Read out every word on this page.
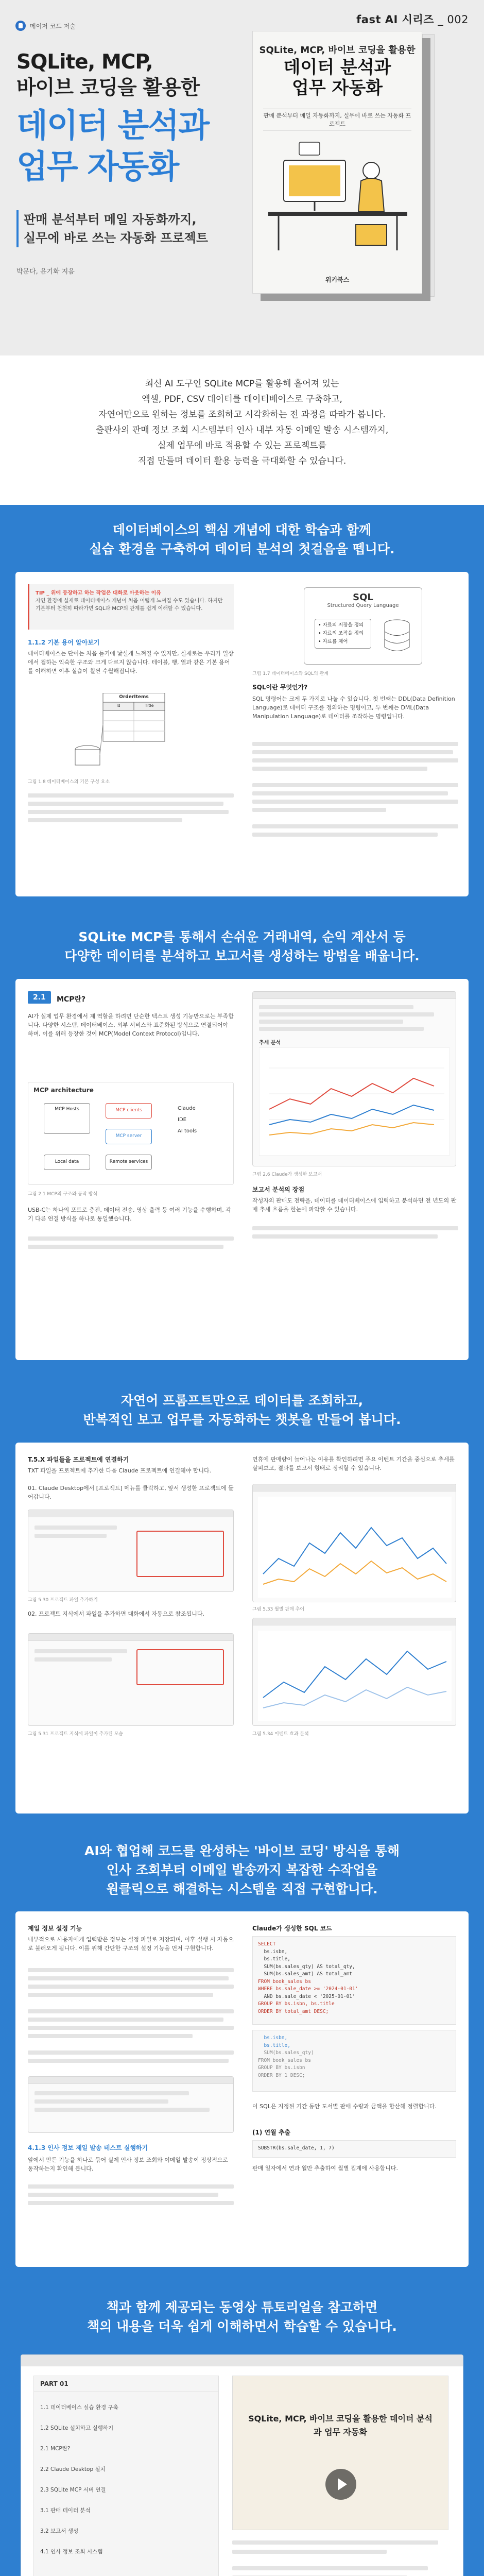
fast AI 시리즈 _ 002
메이저 코드 저술
SQLite, MCP,
바이브 코딩을 활용한
데이터 분석과
업무 자동화
판매 분석부터 메일 자동화까지,
실무에 바로 쓰는 자동화 프로젝트
박문다, 윤기화 지음
SQLite, MCP, 바이브 코딩을 활용한
데이터 분석과
업무 자동화
판매 분석부터 메일 자동화까지, 실무에 바로 쓰는 자동화 프로젝트
위키북스

최신 AI 도구인 SQLite MCP를 활용해 흩어져 있는

엑셀, PDF, CSV 데이터를 데이터베이스로 구축하고,

자연어만으로 원하는 정보를 조회하고 시각화하는 전 과정을 따라가 봅니다.

출판사의 판매 정보 조회 시스템부터 인사 내부 자동 이메일 발송 시스템까지,

실제 업무에 바로 적용할 수 있는 프로젝트를

직접 만들며 데이터 활용 능력을 극대화할 수 있습니다.

데이터베이스의 핵심 개념에 대한 학습과 함께
실습 환경을 구축하여 데이터 분석의 첫걸음을 뗍니다.
TIP _ 위에 등장하고 하는 작업은 대화로 아웃하는 이유
자연 환경에 실제로 데이터베이스 개념이 처음 어렵게 느껴질 수도 있습니다. 하지만 기본부터 천천히 따라가면 SQL과 MCP의 관계를 쉽게 이해할 수 있습니다.
1.1.2 기본 용어 알아보기
데이터베이스는 단어는 처음 듣기에 낯설게 느껴질 수 있지만, 실제로는 우리가 일상에서 접하는 익숙한 구조와 크게 다르지 않습니다. 테이블, 행, 열과 같은 기본 용어를 이해하면 이후 실습이 훨씬 수월해집니다.
OrderItems
Id	Title
그림 1.8 데이터베이스의 기본 구성 요소
SQL
Structured Query Language
• 자료의 저장을 정의
• 자료의 조작을 정의
• 자료를 제어
그림 1.7 데이터베이스와 SQL의 관계
SQL이란 무엇인가?
SQL 명령어는 크게 두 가지로 나눌 수 있습니다. 첫 번째는 DDL(Data Definition Language)로 데이터 구조를 정의하는 명령이고, 두 번째는 DML(Data Manipulation Language)로 데이터를 조작하는 명령입니다.
SQLite MCP를 통해서 손쉬운 거래내역, 순익 계산서 등
다양한 데이터를 분석하고 보고서를 생성하는 방법을 배웁니다.
2.1	MCP란?
AI가 실제 업무 환경에서 제 역할을 하려면 단순한 텍스트 생성 기능만으로는 부족합니다. 다양한 시스템, 데이터베이스, 외부 서비스와 표준화된 방식으로 연결되어야 하며, 이를 위해 등장한 것이 MCP(Model Context Protocol)입니다.
MCP architecture
MCP Hosts	MCP clients
MCP server
Local data	Remote services
Claude
IDE
AI tools
그림 2.1 MCP의 구조와 동작 방식
USB-C는 하나의 포트로 충전, 데이터 전송, 영상 출력 등 여러 기능을 수행하며, 각기 다른 연결 방식을 하나로 통일했습니다.
추세 분석
그림 2.6 Claude가 생성한 보고서
보고서 분석의 장점
작성자의 판매도 전략을, 데이터를 데이터베이스에 입력하고 분석하면 전 년도의 판매 추세 흐름을 한눈에 파악할 수 있습니다.
자연어 프롬프트만으로 데이터를 조회하고,
반복적인 보고 업무를 자동화하는 챗봇을 만들어 봅니다.
T.5.X 파일들을 프로젝트에 연결하기
TXT 파일을 프로젝트에 추가한 다음 Claude 프로젝트에 연결해야 합니다.
01. Claude Desktop에서 [프로젝트] 메뉴를 클릭하고, 앞서 생성한 프로젝트에 들어갑니다.
그림 5.30 프로젝트 파일 추가하기
02. 프로젝트 지식에서 파일을 추가하면 대화에서 자동으로 참조됩니다.
그림 5.31 프로젝트 지식에 파일이 추가된 모습
연휴에 판매량이 늘어나는 이유를 확인하려면 주요 이벤트 기간을 중심으로 추세를 살펴보고, 결과를 보고서 형태로 정리할 수 있습니다.
그림 5.33 월별 판매 추이
그림 5.34 이벤트 효과 분석
AI와 협업해 코드를 완성하는 '바이브 코딩' 방식을 통해
인사 조회부터 이메일 발송까지 복잡한 수작업을
원클릭으로 해결하는 시스템을 직접 구현합니다.
제일 정보 설정 기능
내부적으로 사용자에게 입력받은 정보는 설정 파일로 저장되며, 이후 실행 시 자동으로 불러오게 됩니다. 이를 위해 간단한 구조의 설정 기능을 먼저 구현합니다.
4.1.3 인사 정보 제일 발송 테스트 실행하기
앞에서 만든 기능을 하나로 묶어 실제 인사 정보 조회와 이메일 발송이 정상적으로 동작하는지 확인해 봅니다.
Claude가 생성한 SQL 코드
SELECT
bs.isbn,
bs.title,
SUM(bs.sales_qty) AS total_qty,
SUM(bs.sales_amt) AS total_amt
FROM book_sales bs
WHERE bs.sale_date >= '2024-01-01'
AND bs.sale_date < '2025-01-01'
GROUP BY bs.isbn, bs.title
ORDER BY total_amt DESC;
bs.isbn,
bs.title,
SUM(bs.sales_qty)
FROM book_sales bs
GROUP BY bs.isbn
ORDER BY 1 DESC;
이 SQL은 지정된 기간 동안 도서별 판매 수량과 금액을 합산해 정렬합니다.
(1) 연월 추출
SUBSTR(bs.sale_date, 1, 7)
판매 일자에서 연과 월만 추출하여 월별 집계에 사용합니다.
책과 함께 제공되는 동영상 튜토리얼을 참고하면
책의 내용을 더욱 쉽게 이해하면서 학습할 수 있습니다.
PART 01
1.1 데이터베이스 실습 환경 구축
1.2 SQLite 설치하고 실행하기
2.1 MCP란?
2.2 Claude Desktop 설치
2.3 SQLite MCP 서버 연결
3.1 판매 데이터 분석
3.2 보고서 생성
4.1 인사 정보 조회 시스템
SQLite, MCP, 바이브 코딩을 활용한 데이터 분석과 업무 자동화
